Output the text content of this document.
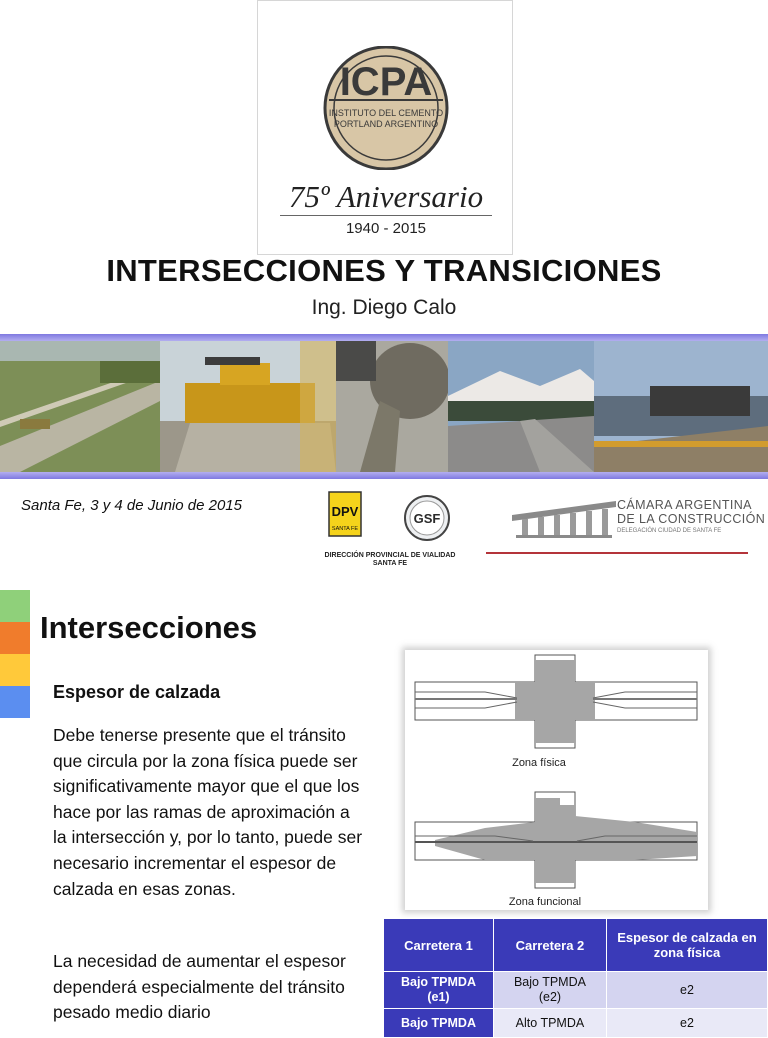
ICPA
INSTITUTO DEL CEMENTO
PORTLAND ARGENTINO
75º Aniversario
1940 - 2015
INTERSECCIONES Y TRANSICIONES
Ing. Diego Calo
Santa Fe, 3 y 4 de Junio de 2015	DPV
SANTA FE
GSF
DIRECCIÓN PROVINCIAL DE VIALIDAD
SANTA FE
CÁMARA ARGENTINA
DE LA CONSTRUCCIÓN
DELEGACIÓN CIUDAD DE SANTA FE
Intersecciones
Espesor de calzada
Debe tenerse presente que el tránsito que circula por la zona física puede ser significativamente mayor que el que los hace por las ramas de aproximación a la intersección y, por lo tanto, puede ser necesario incrementar el espesor de calzada en esas zonas.
La necesidad de aumentar el espesor dependerá especialmente del tránsito pesado medio diario
Zona física
Zona funcional
Carretera 1	Carretera 2	Espesor de calzada en zona física
Bajo TPMDA (e1)	Bajo TPMDA (e2)	e2
Bajo TPMDA	Alto TPMDA	e2
